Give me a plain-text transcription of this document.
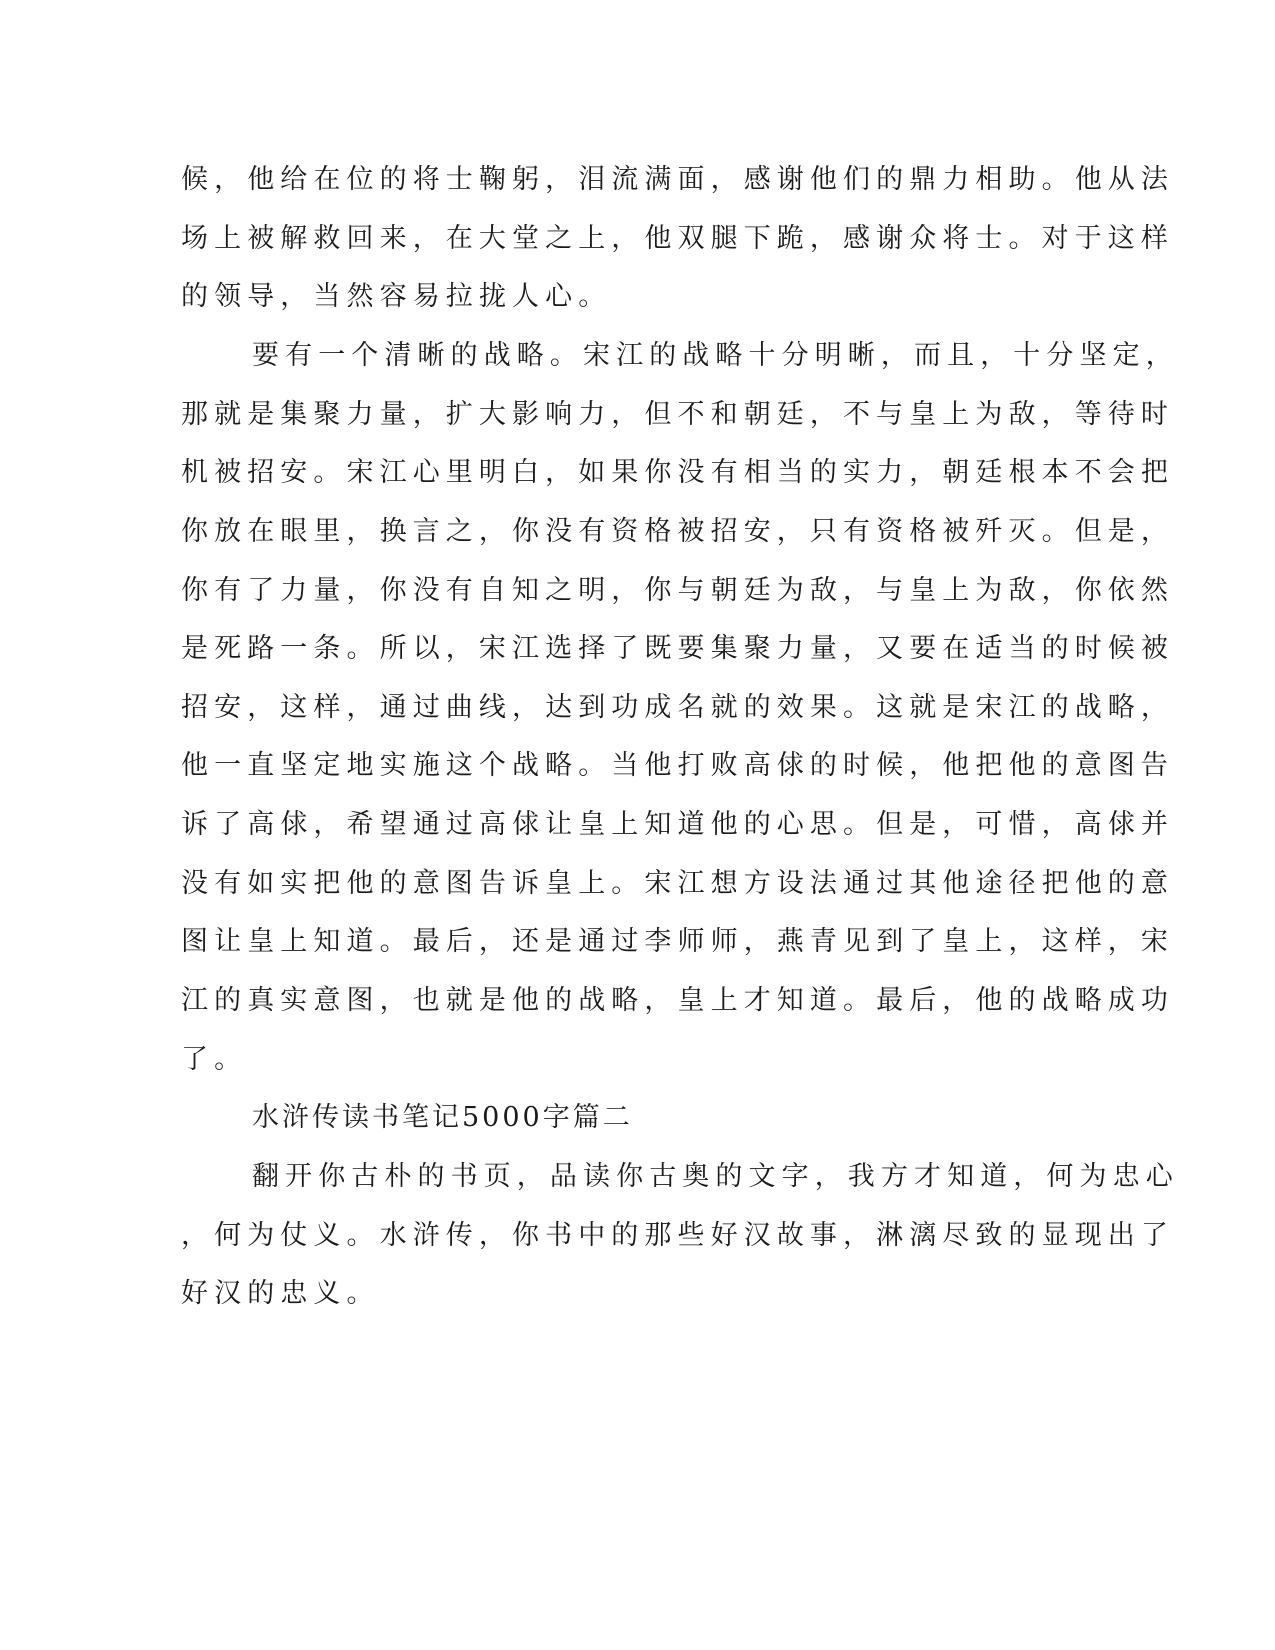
候，他给在位的将士鞠躬，泪流满面，感谢他们的鼎力相助。他从法
场上被解救回来，在大堂之上，他双腿下跪，感谢众将士。对于这样
的领导，当然容易拉拢人心。
要有一个清晰的战略。宋江的战略十分明晰，而且，十分坚定，
那就是集聚力量，扩大影响力，但不和朝廷，不与皇上为敌，等待时
机被招安。宋江心里明白，如果你没有相当的实力，朝廷根本不会把
你放在眼里，换言之，你没有资格被招安，只有资格被歼灭。但是，
你有了力量，你没有自知之明，你与朝廷为敌，与皇上为敌，你依然
是死路一条。所以，宋江选择了既要集聚力量，又要在适当的时候被
招安，这样，通过曲线，达到功成名就的效果。这就是宋江的战略，
他一直坚定地实施这个战略。当他打败高俅的时候，他把他的意图告
诉了高俅，希望通过高俅让皇上知道他的心思。但是，可惜，高俅并
没有如实把他的意图告诉皇上。宋江想方设法通过其他途径把他的意
图让皇上知道。最后，还是通过李师师，燕青见到了皇上，这样，宋
江的真实意图，也就是他的战略，皇上才知道。最后，他的战略成功
了。
水浒传读书笔记5000字篇二
翻开你古朴的书页，品读你古奥的文字，我方才知道，何为忠心
，何为仗义。水浒传，你书中的那些好汉故事，淋漓尽致的显现出了
好汉的忠义。
